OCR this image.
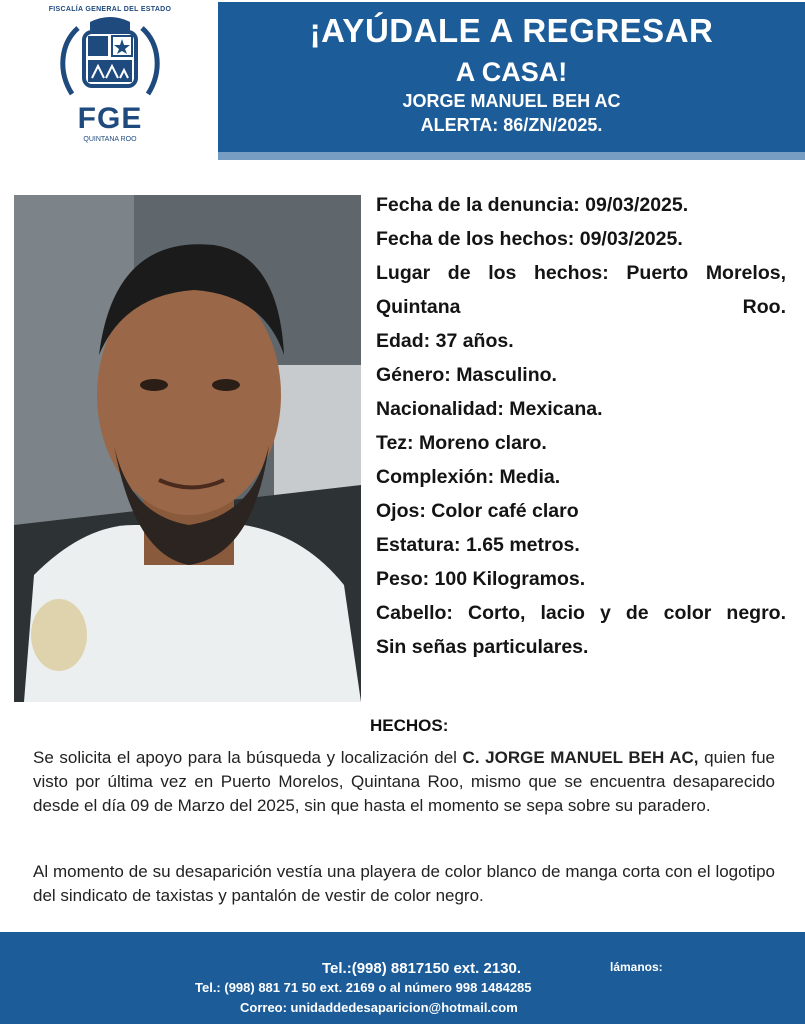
FISCALÍA GENERAL DEL ESTADO
FGE
QUINTANA ROO
¡AYÚDALE A REGRESAR
A CASA!
JORGE MANUEL BEH AC
ALERTA: 86/ZN/2025.
Fecha de la denuncia: 09/03/2025.
Fecha de los hechos: 09/03/2025.
Lugar de los hechos: Puerto Morelos, Quintana Roo.
Edad: 37 años.
Género: Masculino.
Nacionalidad: Mexicana.
Tez: Moreno claro.
Complexión: Media.
Ojos: Color café claro
Estatura: 1.65 metros.
Peso: 100 Kilogramos.
Cabello: Corto, lacio y de color negro.
Sin señas particulares.
HECHOS:
Se solicita el apoyo para la búsqueda y localización del C. JORGE MANUEL BEH AC, quien fue visto por última vez en Puerto Morelos, Quintana Roo, mismo que se encuentra desaparecido desde el día 09 de Marzo del 2025, sin que hasta el momento se sepa sobre su paradero.
Al momento de su desaparición vestía una playera de color blanco de manga corta con el logotipo del sindicato de taxistas y pantalón de vestir de color negro.
Tel.:(998) 8817150 ext. 2130.	lámanos:
Tel.: (998) 881 71 50 ext. 2169 o al número 998 1484285
Correo: unidaddedesaparicion@hotmail.com
